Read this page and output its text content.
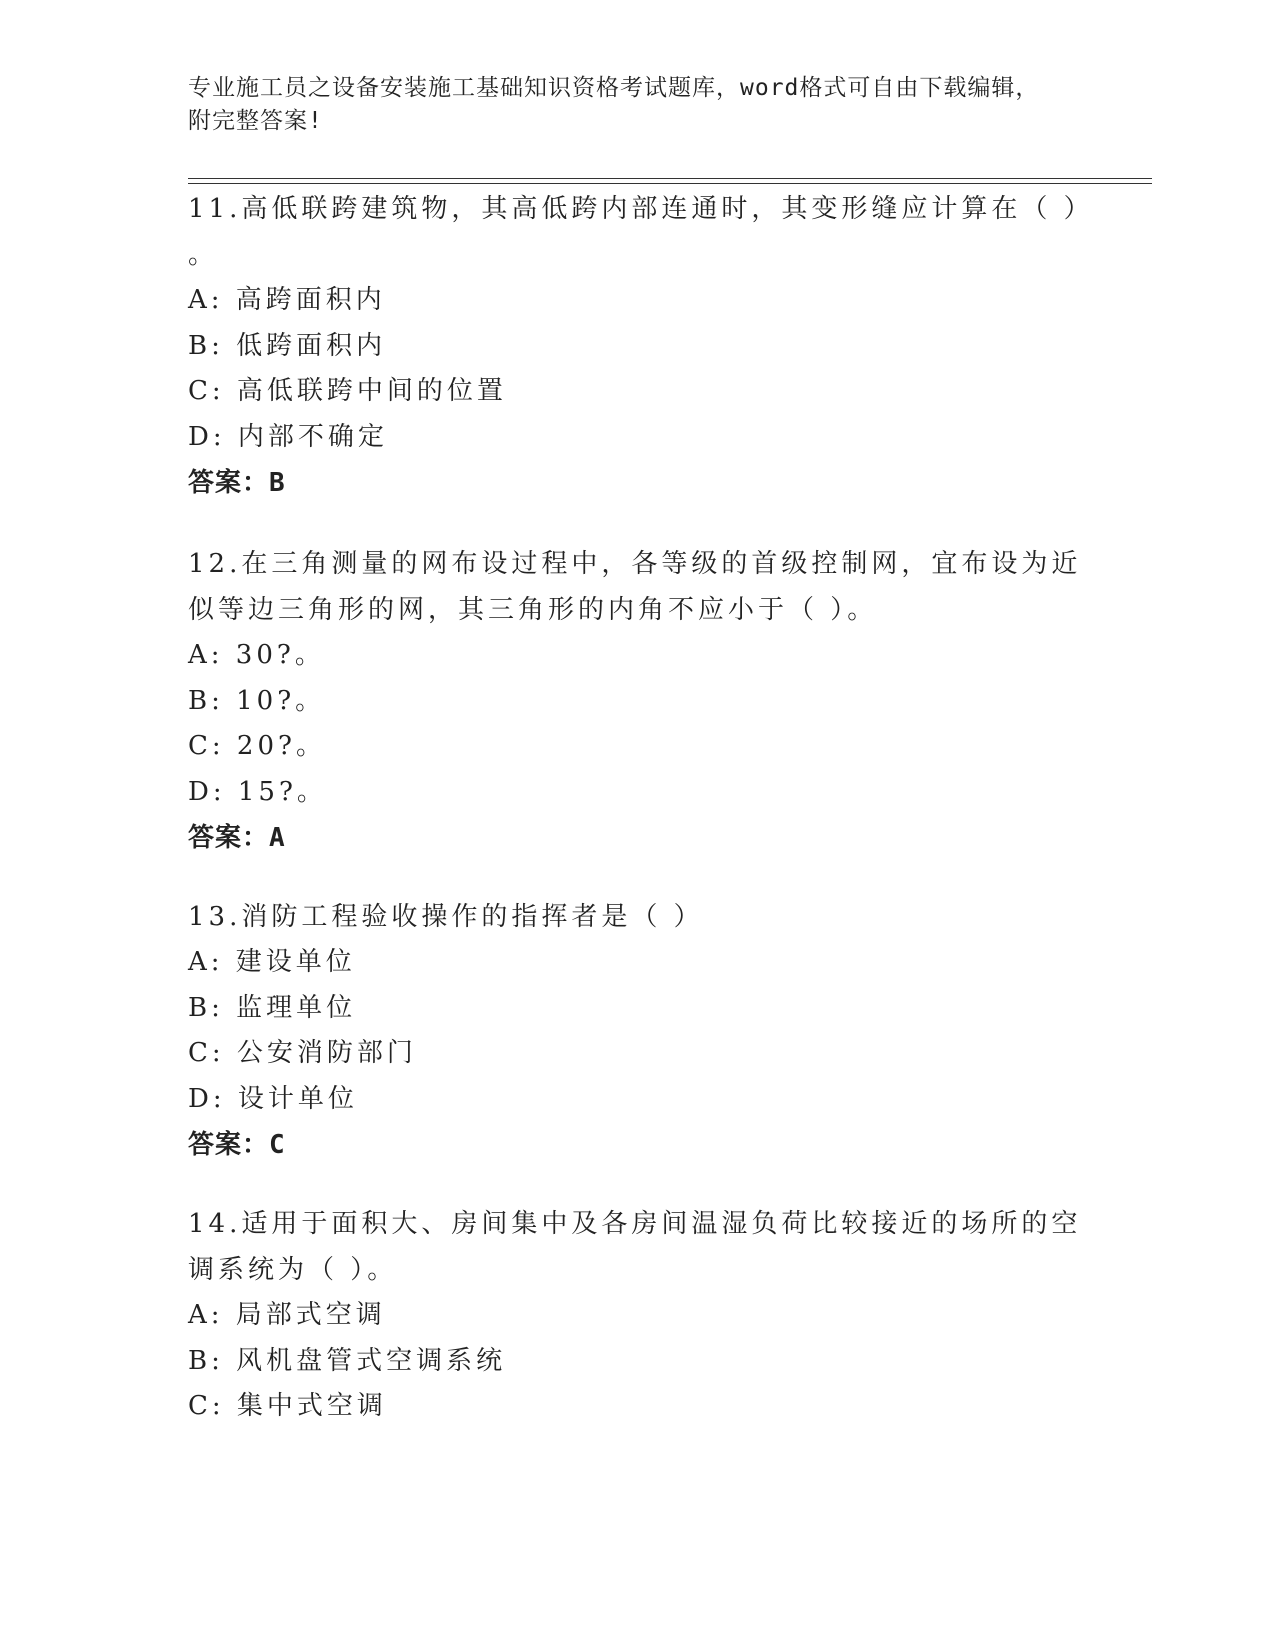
专业施工员之设备安装施工基础知识资格考试题库，word格式可自由下载编辑，
附完整答案!
11.高低联跨建筑物，其高低跨内部连通时，其变形缝应计算在（ ）
。
A: 高跨面积内
B: 低跨面积内
C: 高低联跨中间的位置
D: 内部不确定
答案：B
12.在三角测量的网布设过程中，各等级的首级控制网，宜布设为近似等边三角形的网，其三角形的内角不应小于（ ）。
A: 30?。
B: 10?。
C: 20?。
D: 15?。
答案：A
13.消防工程验收操作的指挥者是（ ）
A: 建设单位
B: 监理单位
C: 公安消防部门
D: 设计单位
答案：C
14.适用于面积大、房间集中及各房间温湿负荷比较接近的场所的空调系统为（ ）。
A: 局部式空调
B: 风机盘管式空调系统
C: 集中式空调
